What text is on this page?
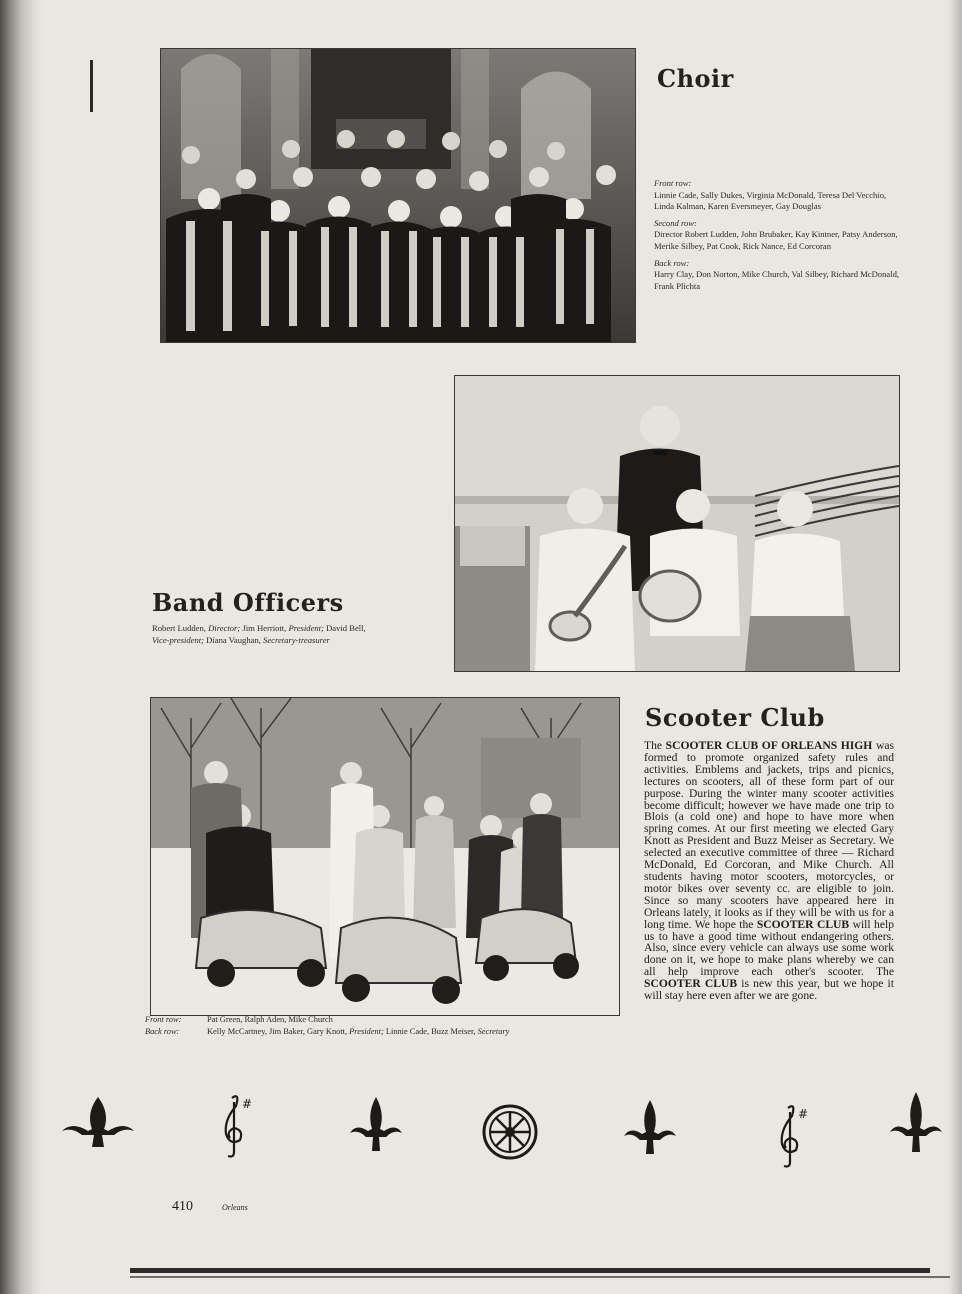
Choir
Front row:
Linnie Cade, Sally Dukes, Virginia McDonald, Teresa Del Vecchio, Linda Kalman, Karen Eversmeyer, Gay Douglas
Second row:
Director Robert Ludden, John Brubaker, Kay Kintner, Patsy Anderson, Merike Silbey, Pat Cook, Rick Nance, Ed Corcoran
Back row:
Harry Clay, Don Norton, Mike Church, Val Silbey, Richard McDonald, Frank Plichta
Band Officers
Robert Ludden, Director; Jim Herriott, President; David Bell,
Vice-president; Diana Vaughan, Secretary-treasurer
Scooter Club
The SCOOTER CLUB OF ORLEANS HIGH was formed to promote organized safety rules and activities. Emblems and jackets, trips and picnics, lectures on scooters, all of these form part of our purpose. During the winter many scooter activities become difficult; however we have made one trip to Blois (a cold one) and hope to have more when spring comes. At our first meeting we elected Gary Knott as President and Buzz Meiser as Secretary. We selected an executive committee of three — Richard McDonald, Ed Corcoran, and Mike Church. All students having motor scooters, motorcycles, or motor bikes over seventy cc. are eligible to join. Since so many scooters have appeared here in Orleans lately, it looks as if they will be with us for a long time. We hope the SCOOTER CLUB will help us to have a good time without endangering others. Also, since every vehicle can always use some work done on it, we hope to make plans whereby we can all help improve each other's scooter. The SCOOTER CLUB is new this year, but we hope it will stay here even after we are gone.
Front row:	Pat Green, Ralph Aden, Mike Church
Back row:	Kelly McCartney, Jim Baker, Gary Knott, President; Linnie Cade, Buzz Meiser, Secretary
#
#
410	Orleans
